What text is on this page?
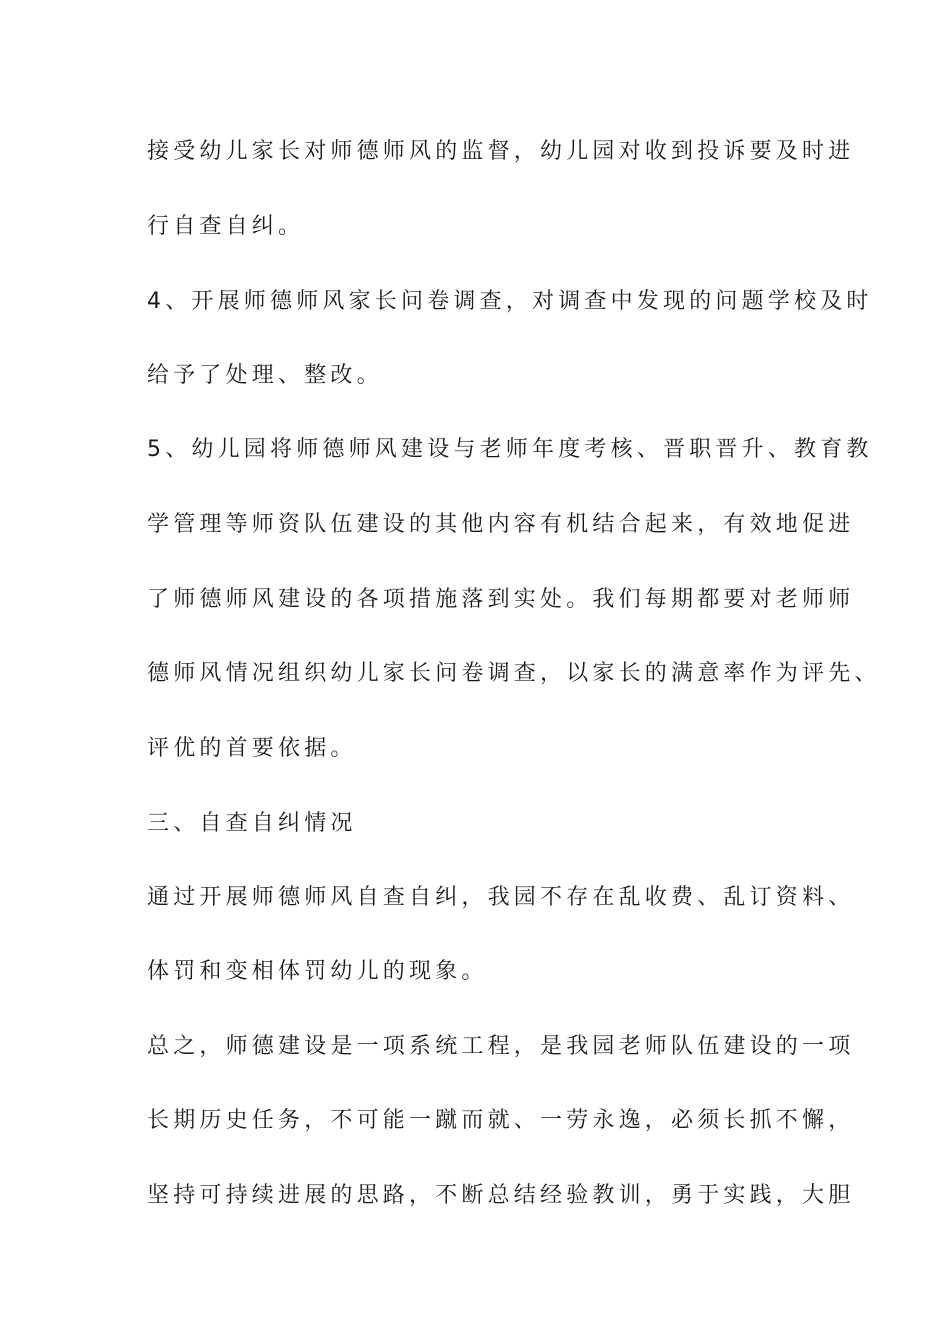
接受幼儿家长对师德师风的监督，幼儿园对收到投诉要及时进
行自查自纠。
4、开展师德师风家长问卷调查，对调查中发现的问题学校及时
给予了处理、整改。
5、幼儿园将师德师风建设与老师年度考核、晋职晋升、教育教
学管理等师资队伍建设的其他内容有机结合起来，有效地促进
了师德师风建设的各项措施落到实处。我们每期都要对老师师
德师风情况组织幼儿家长问卷调查，以家长的满意率作为评先、
评优的首要依据。
三、自查自纠情况
通过开展师德师风自查自纠，我园不存在乱收费、乱订资料、
体罚和变相体罚幼儿的现象。
总之，师德建设是一项系统工程，是我园老师队伍建设的一项
长期历史任务，不可能一蹴而就、一劳永逸，必须长抓不懈，
坚持可持续进展的思路，不断总结经验教训，勇于实践，大胆
